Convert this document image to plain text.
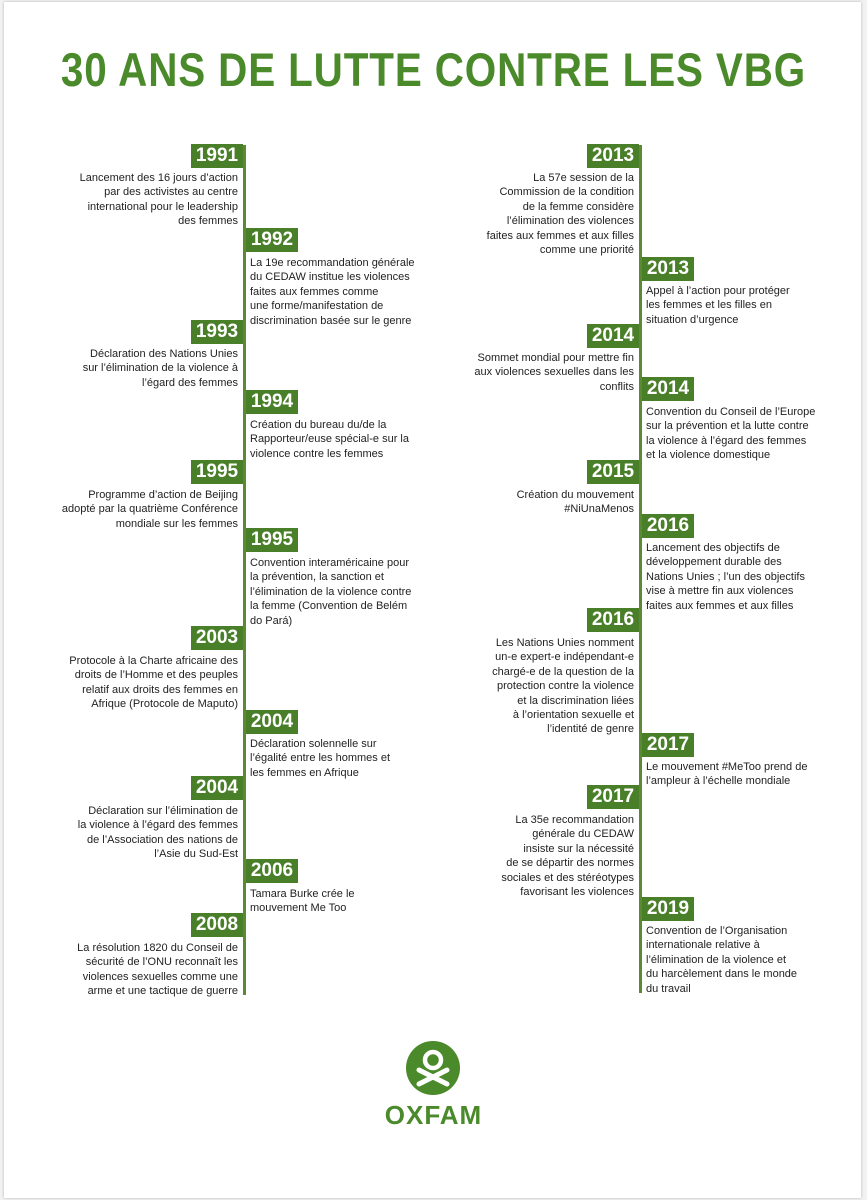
30 ANS DE LUTTE CONTRE LES VBG
1991
Lancement des 16 jours d’action
par des activistes au centre
international pour le leadership
des femmes
1992
La 19e recommandation générale
du CEDAW institue les violences
faites aux femmes comme
une forme/manifestation de
discrimination basée sur le genre
1993
Déclaration des Nations Unies
sur l’élimination de la violence à
l’égard des femmes
1994
Création du bureau du/de la
Rapporteur/euse spécial-e sur la
violence contre les femmes
1995
Programme d’action de Beijing
adopté par la quatrième Conférence
mondiale sur les femmes
1995
Convention interaméricaine pour
la prévention, la sanction et
l’élimination de la violence contre
la femme (Convention de Belém
do Pará)
2003
Protocole à la Charte africaine des
droits de l’Homme et des peuples
relatif aux droits des femmes en
Afrique (Protocole de Maputo)
2004
Déclaration solennelle sur
l’égalité entre les hommes et
les femmes en Afrique
2004
Déclaration sur l’élimination de
la violence à l’égard des femmes
de l’Association des nations de
l’Asie du Sud-Est
2006
Tamara Burke crée le
mouvement Me Too
2008
La résolution 1820 du Conseil de
sécurité de l’ONU reconnaît les
violences sexuelles comme une
arme et une tactique de guerre
2013
La 57e session de la
Commission de la condition
de la femme considère
l’élimination des violences
faites aux femmes et aux filles
comme une priorité
2013
Appel à l’action pour protéger
les femmes et les filles en
situation d’urgence
2014
Sommet mondial pour mettre fin
aux violences sexuelles dans les
conflits 2014
Convention du Conseil de l’Europe
sur la prévention et la lutte contre
la violence à l’égard des femmes
et la violence domestique
2015
Création du mouvement
#NiUnaMenos
2016
Lancement des objectifs de
développement durable des
Nations Unies ; l’un des objectifs
vise à mettre fin aux violences
faites aux femmes et aux filles
2016
Les Nations Unies nomment
un-e expert-e indépendant-e
chargé-e de la question de la
protection contre la violence
et la discrimination liées
à l’orientation sexuelle et
l’identité de genre
2017
Le mouvement #MeToo prend de
l’ampleur à l’échelle mondiale
2017
La 35e recommandation
générale du CEDAW
insiste sur la nécessité
de se départir des normes
sociales et des stéréotypes
favorisant les violences
2019
Convention de l’Organisation
internationale relative à
l’élimination de la violence et
du harcèlement dans le monde
du travail
OXFAM
